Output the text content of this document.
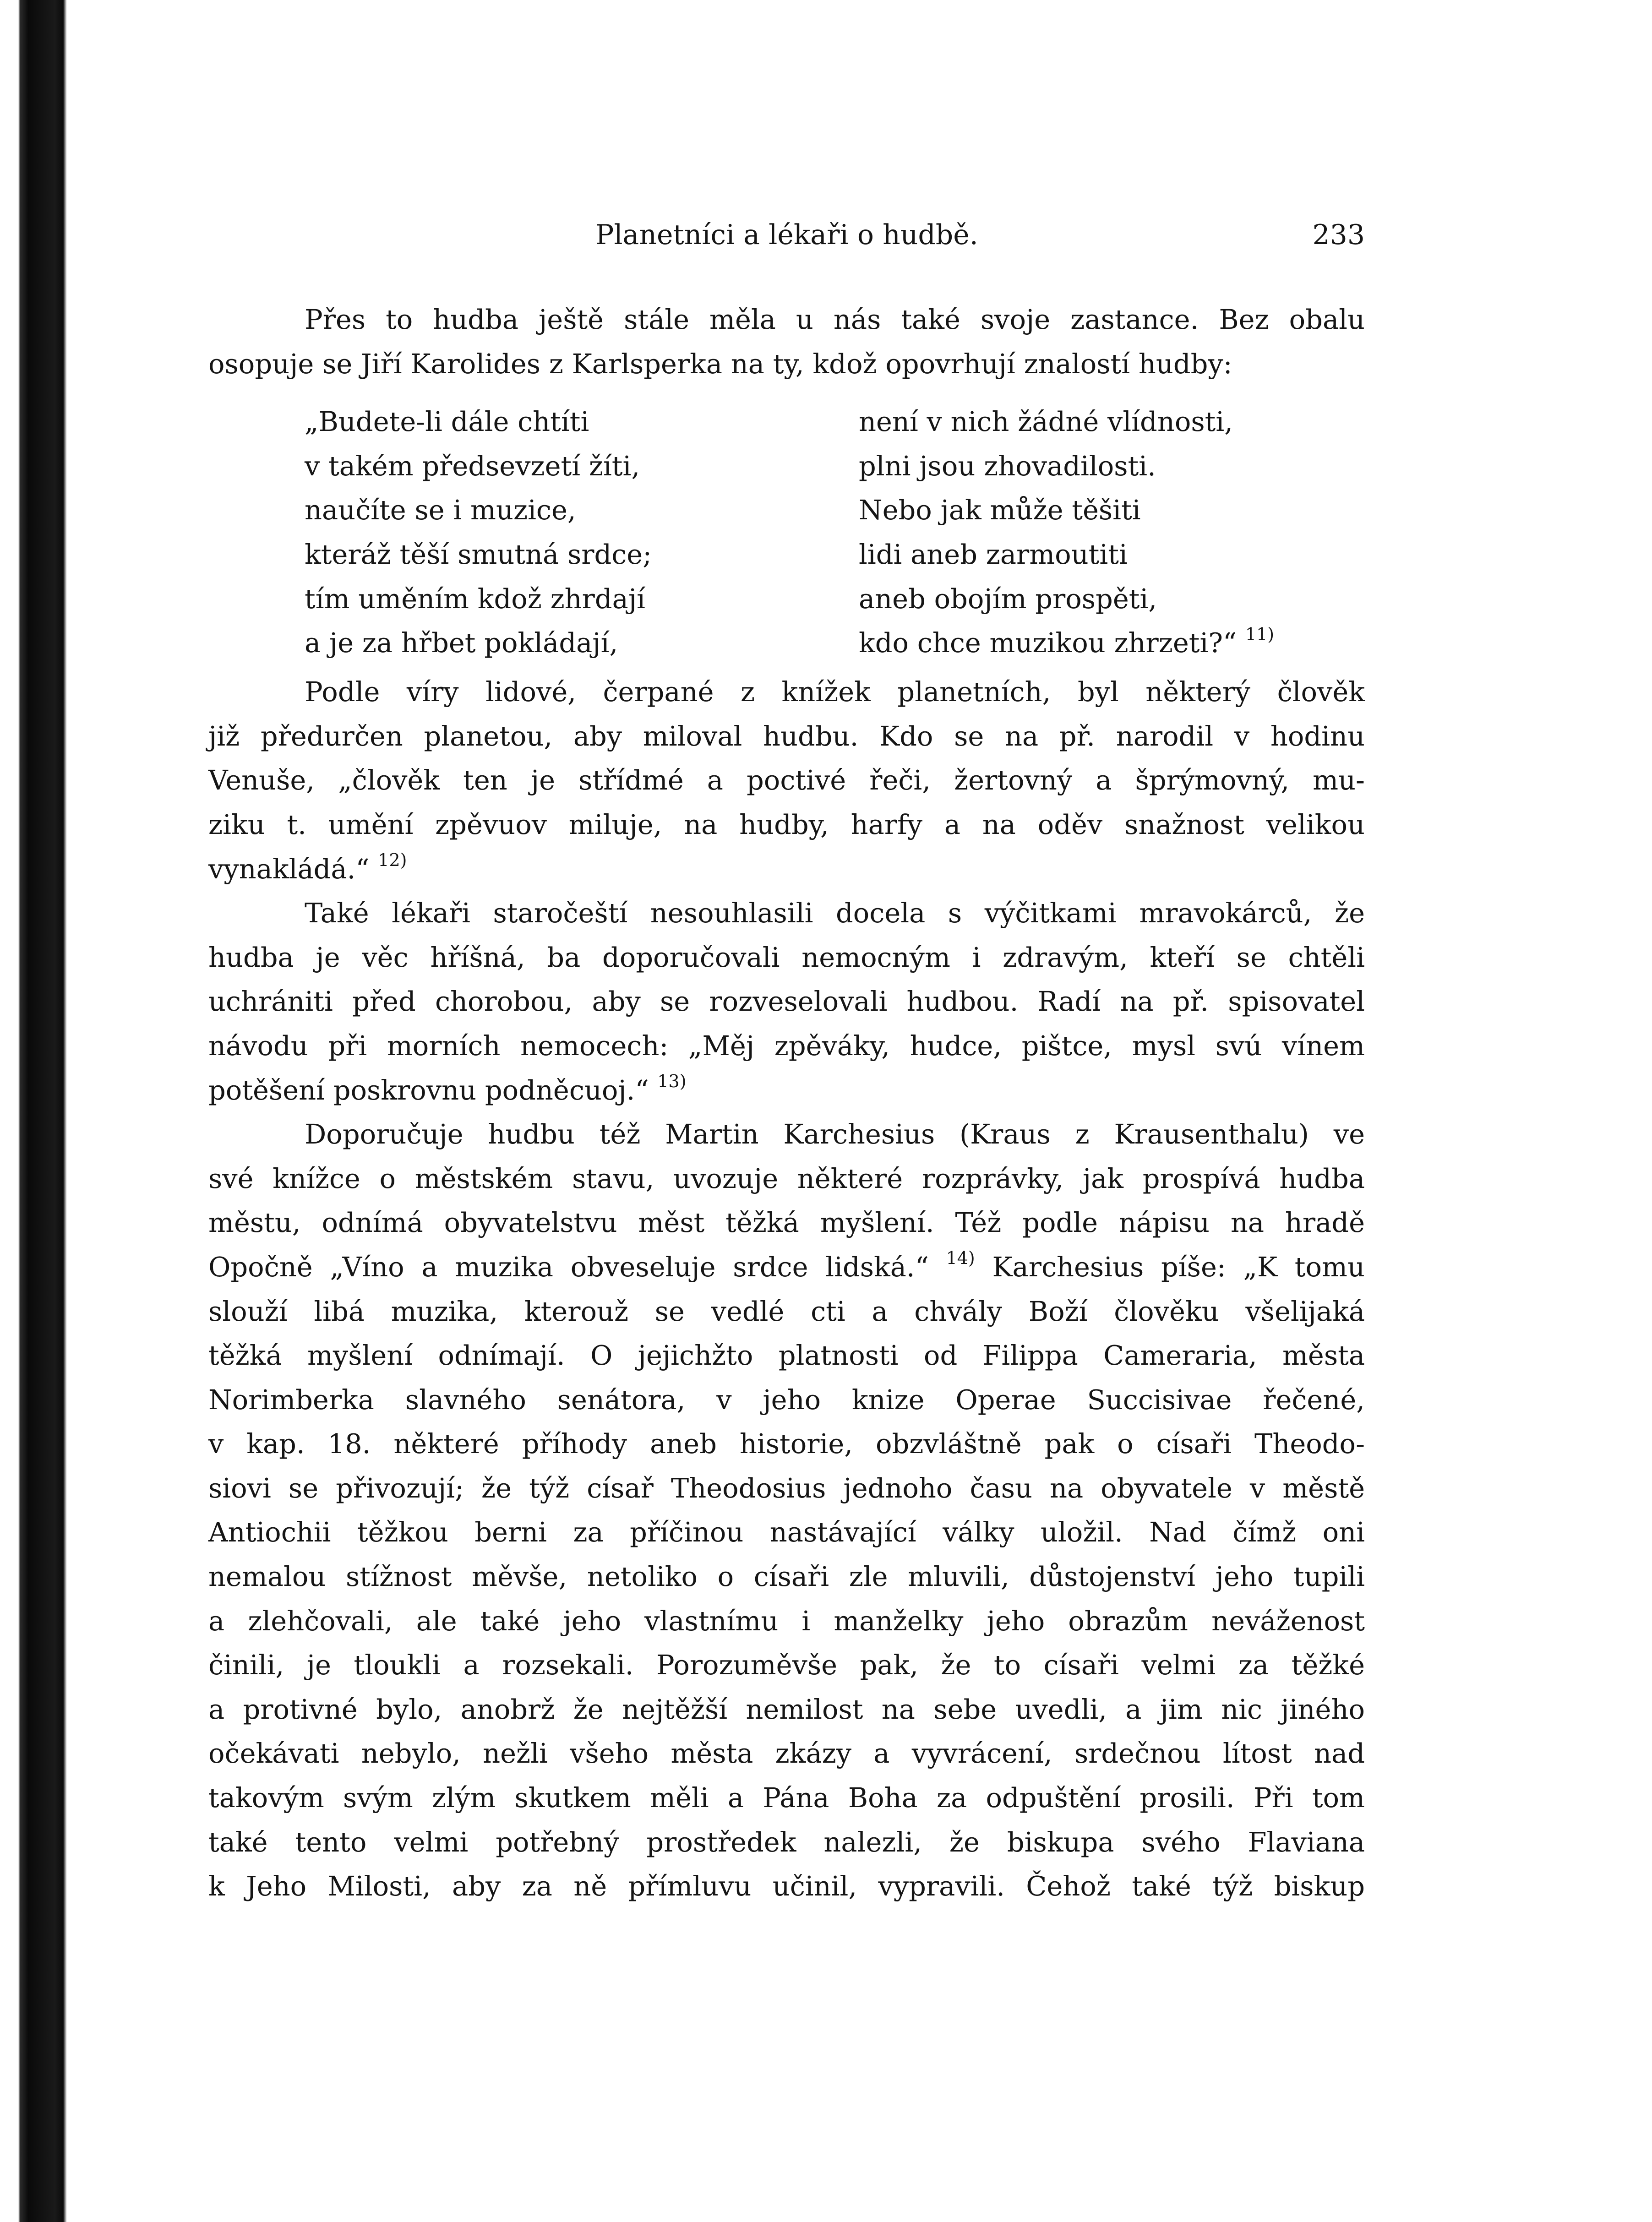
Planetníci a lékaři o hudbě.	233
Přes to hudba ještě stále měla u nás také svoje zastance. Bez obalu
osopuje se Jiří Karolides z Karlsperka na ty, kdož opovrhují znalostí hudby:
„Budete-li dále chtíti
v takém předsevzetí žíti,
naučíte se i muzice,
kteráž těší smutná srdce;
tím uměním kdož zhrdají
a je za hřbet pokládají,
není v nich žádné vlídnosti,
plni jsou zhovadilosti.
Nebo jak může těšiti
lidi aneb zarmoutiti
aneb obojím prospěti,
kdo chce muzikou zhrzeti?“ $^{11)}$
Podle víry lidové, čerpané z knížek planetních, byl některý člověk
již předurčen planetou, aby miloval hudbu. Kdo se na př. narodil v hodinu
Venuše, „člověk ten je střídmé a poctivé řeči, žertovný a šprýmovný, mu-
ziku t. umění zpěvuov miluje, na hudby, harfy a na oděv snažnost velikou
vynakládá.“ $^{12)}$
Také lékaři staročeští nesouhlasili docela s výčitkami mravokárců, že
hudba je věc hříšná, ba doporučovali nemocným i zdravým, kteří se chtěli
uchrániti před chorobou, aby se rozveselovali hudbou. Radí na př. spisovatel
návodu při morních nemocech: „Měj zpěváky, hudce, pištce, mysl svú vínem
potěšení poskrovnu podněcuoj.“ $^{13)}$
Doporučuje hudbu též Martin Karchesius (Kraus z Krausenthalu) ve
své knížce o městském stavu, uvozuje některé rozprávky, jak prospívá hudba
městu, odnímá obyvatelstvu měst těžká myšlení. Též podle nápisu na hradě
Opočně „Víno a muzika obveseluje srdce lidská.“ $^{14)}$ Karchesius píše: „K tomu
slouží libá muzika, kterouž se vedlé cti a chvály Boží člověku všelijaká
těžká myšlení odnímají. O jejichžto platnosti od Filippa Cameraria, města
Norimberka slavného senátora, v jeho knize Operae Succisivae řečené,
v kap. 18. některé příhody aneb historie, obzvláštně pak o císaři Theodo-
siovi se přivozují; že týž císař Theodosius jednoho času na obyvatele v městě
Antiochii těžkou berni za příčinou nastávající války uložil. Nad čímž oni
nemalou stížnost měvše, netoliko o císaři zle mluvili, důstojenství jeho tupili
a zlehčovali, ale také jeho vlastnímu i manželky jeho obrazům neváženost
činili, je tloukli a rozsekali. Porozuměvše pak, že to císaři velmi za těžké
a protivné bylo, anobrž že nejtěžší nemilost na sebe uvedli, a jim nic jiného
očekávati nebylo, nežli všeho města zkázy a vyvrácení, srdečnou lítost nad
takovým svým zlým skutkem měli a Pána Boha za odpuštění prosili. Při tom
také tento velmi potřebný prostředek nalezli, že biskupa svého Flaviana
k Jeho Milosti, aby za ně přímluvu učinil, vypravili. Čehož také týž biskup
